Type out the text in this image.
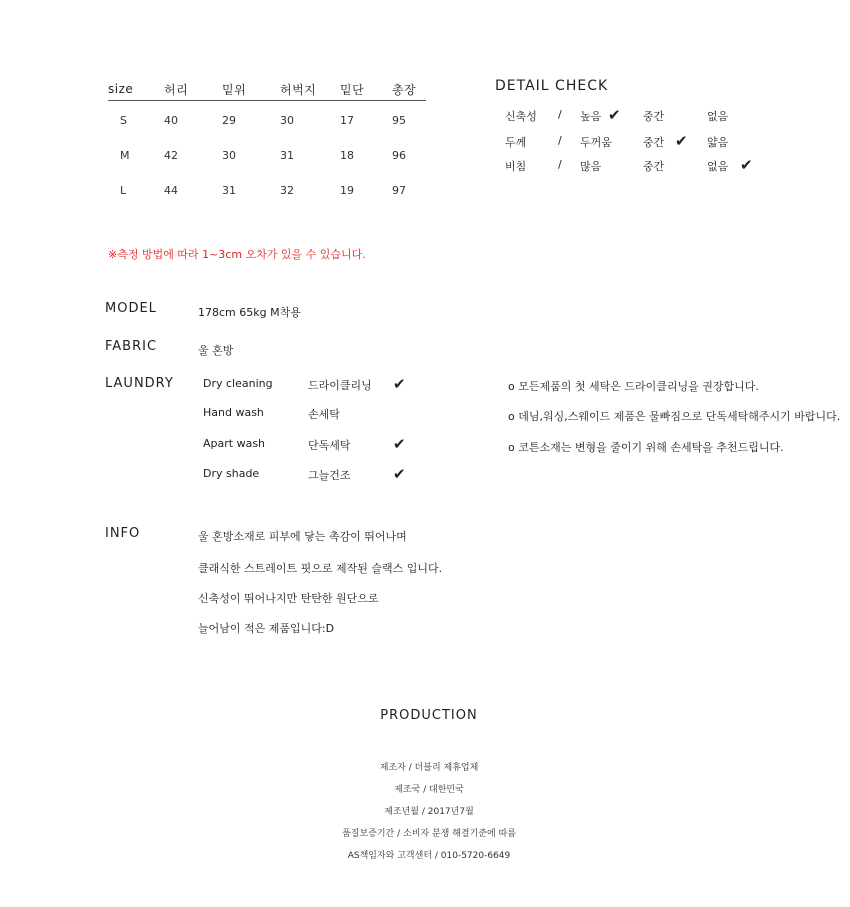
size	허리	밑위	허벅지	밑단	총장
S	40	29	30	17	95
M	42	30	31	18	96
L	44	31	32	19	97
DETAIL CHECK
신축성 / 높음 ✔ 중간	없음
두께	/ 두꺼움	중간 ✔ 얇음
비침	/ 많음	중간	없음 ✔
※측정 방법에 따라 1~3cm 오차가 있을 수 있습니다.
MODEL	178cm 65kg M착용
FABRIC	울 혼방
LAUNDRY	Dry cleaning	드라이클리닝 ✔
Hand wash	손세탁
Apart wash	단독세탁	✔
Dry shade	그늘건조	✔
o 모든제품의 첫 세탁은 드라이클리닝을 권장합니다.
o 데님,워싱,스웨이드 제품은 물빠짐으로 단독세탁해주시기 바랍니다.
o 코튼소재는 변형을 줄이기 위해 손세탁을 추천드립니다.
INFO	울 혼방소재로 피부에 닿는 촉감이 뛰어나며
클래식한 스트레이트 핏으로 제작된 슬랙스 입니다.
신축성이 뛰어나지만 탄탄한 원단으로
늘어남이 적은 제품입니다:D
PRODUCTION
제조자 / 더블리 제휴업체
제조국 / 대한민국
제조년월 / 2017년7월
품질보증기간 / 소비자 분쟁 해결기준에 따름
AS책임자와 고객센터 / 010-5720-6649
